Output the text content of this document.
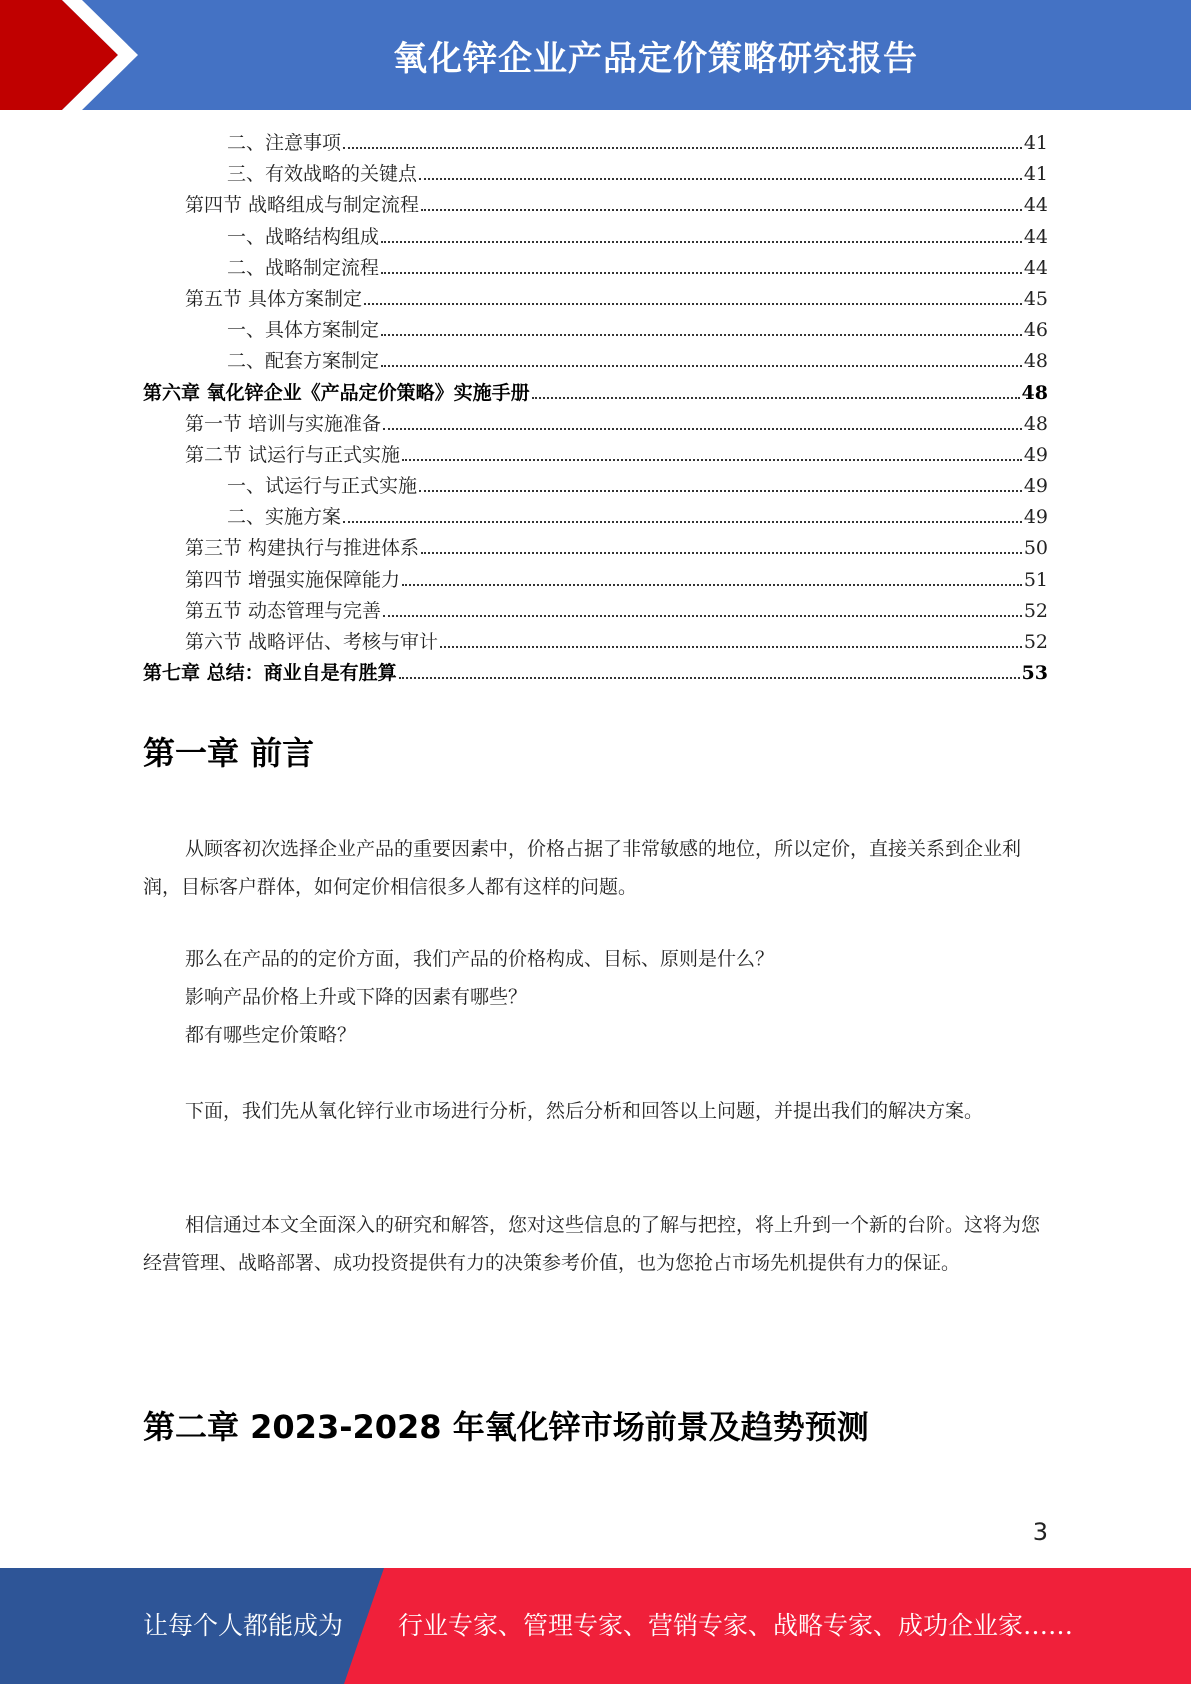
氧化锌企业产品定价策略研究报告
二、注意事项	41
三、有效战略的关键点	41
第四节 战略组成与制定流程	44
一、战略结构组成	44
二、战略制定流程	44
第五节 具体方案制定	45
一、具体方案制定	46
二、配套方案制定	48
第六章 氧化锌企业《产品定价策略》实施手册	48
第一节 培训与实施准备	48
第二节 试运行与正式实施	49
一、试运行与正式实施	49
二、实施方案	49
第三节 构建执行与推进体系	50
第四节 增强实施保障能力	51
第五节 动态管理与完善	52
第六节 战略评估、考核与审计	52
第七章 总结：商业自是有胜算	53
第一章 前言

从顾客初次选择企业产品的重要因素中，价格占据了非常敏感的地位，所以定价，直接关系到企业利润，目标客户群体，如何定价相信很多人都有这样的问题。

那么在产品的的定价方面，我们产品的价格构成、目标、原则是什么？
影响产品价格上升或下降的因素有哪些？
都有哪些定价策略？

下面，我们先从氧化锌行业市场进行分析，然后分析和回答以上问题，并提出我们的解决方案。

相信通过本文全面深入的研究和解答，您对这些信息的了解与把控，将上升到一个新的台阶。这将为您经营管理、战略部署、成功投资提供有力的决策参考价值，也为您抢占市场先机提供有力的保证。

第二章 2023-2028 年氧化锌市场前景及趋势预测
3
让每个人都能成为 行业专家、管理专家、营销专家、战略专家、成功企业家……
